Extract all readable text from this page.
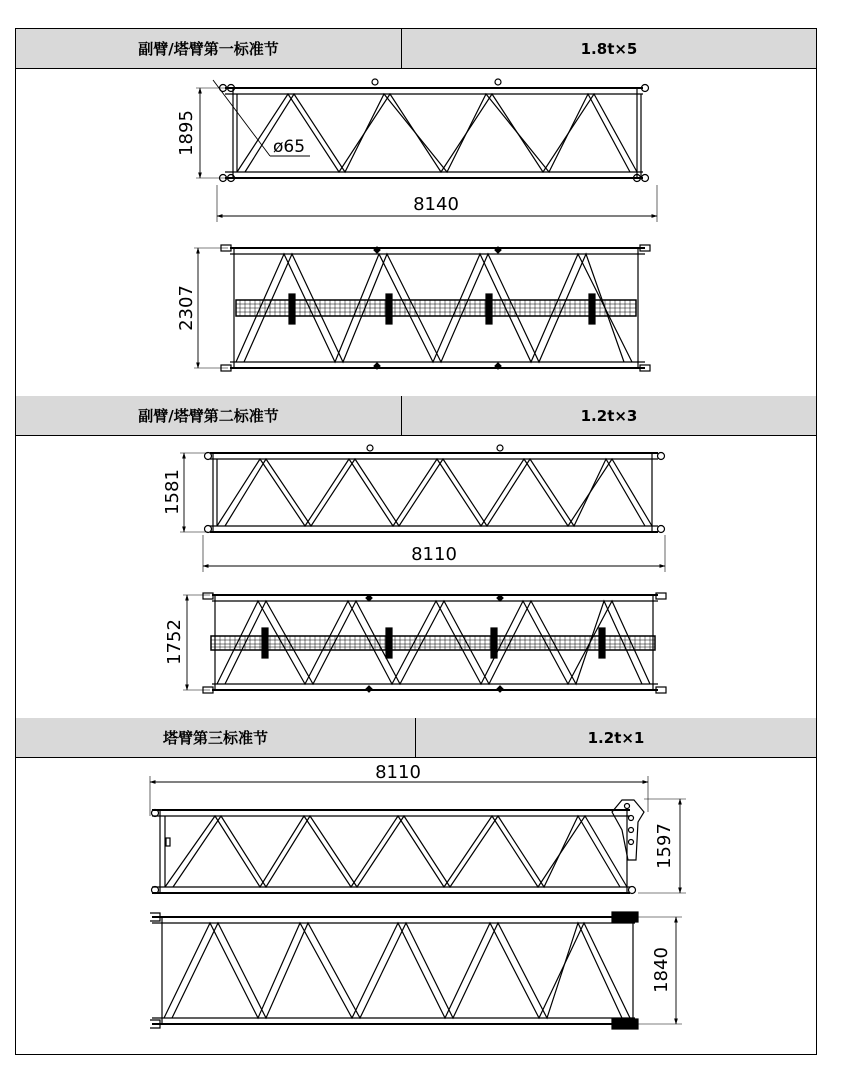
副臂/塔臂第一标准节	1.8t×5
副臂/塔臂第二标准节	1.2t×3
塔臂第三标准节	1.2t×1
ø65
1895
8140
2307
1581
8110
1752
8110
1597
1840
